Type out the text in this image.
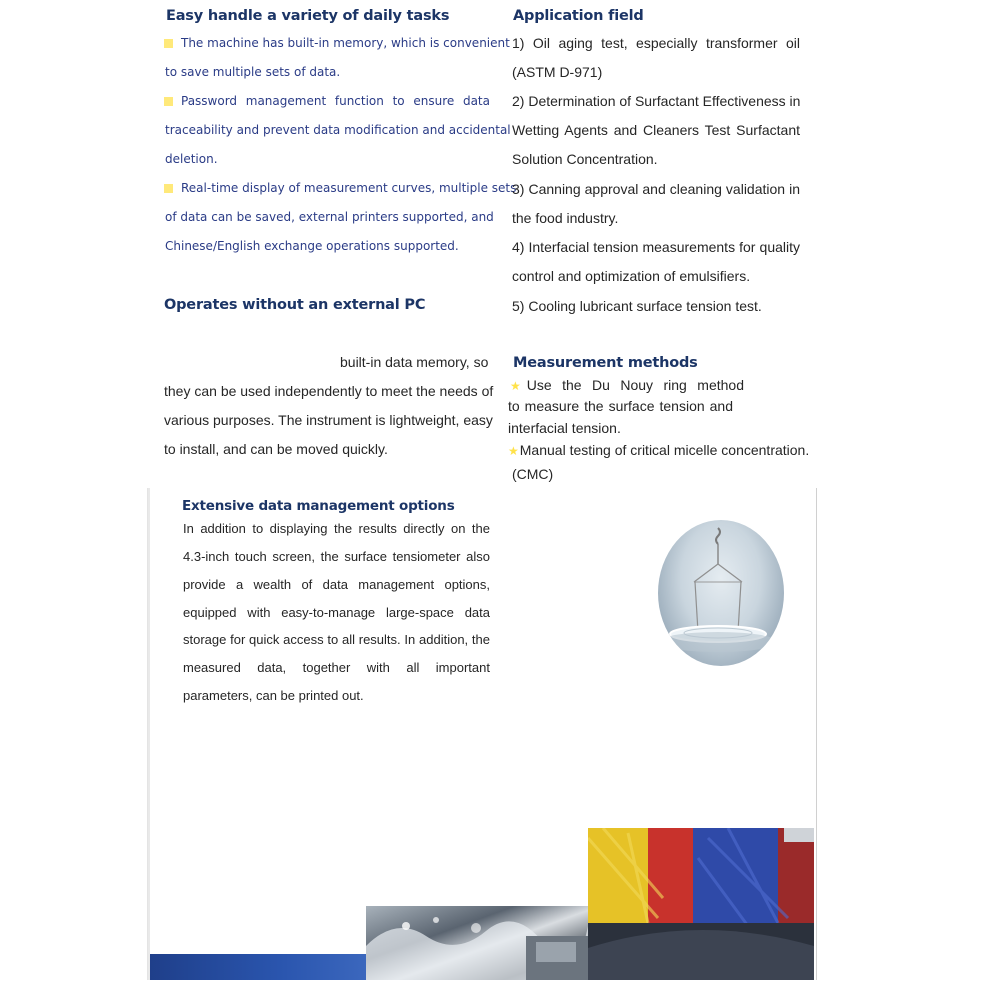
Easy handle a variety of daily tasks
The machine has built-in memory, which is convenient
to save multiple sets of data.
Password management function to ensure data
traceability and prevent data modification and accidental
deletion.
Real-time display of measurement curves, multiple sets
of data can be saved, external printers supported, and
Chinese/English exchange operations supported.
Operates without an external PC
built-in data memory, so
they can be used independently to meet the needs of
various purposes. The instrument is lightweight, easy
to install, and can be moved quickly.
Application field
1) Oil aging test, especially transformer oil
(ASTM D-971)
2) Determination of Surfactant Effectiveness in
Wetting Agents and Cleaners Test Surfactant
Solution Concentration.
3) Canning approval and cleaning validation in
the food industry.
4) Interfacial tension measurements for quality
control and optimization of emulsifiers.
5) Cooling lubricant surface tension test.
Measurement methods
★ Use the Du Nouy ring method
to measure the surface tension and
interfacial tension.
★Manual testing of critical micelle concentration.
(CMC)
Extensive data management options
In addition to displaying the results directly on the
4.3-inch touch screen, the surface tensiometer also
provide a wealth of data management options,
equipped with easy-to-manage large-space data
storage for quick access to all results. In addition, the
measured data, together with all important
parameters, can be printed out.
